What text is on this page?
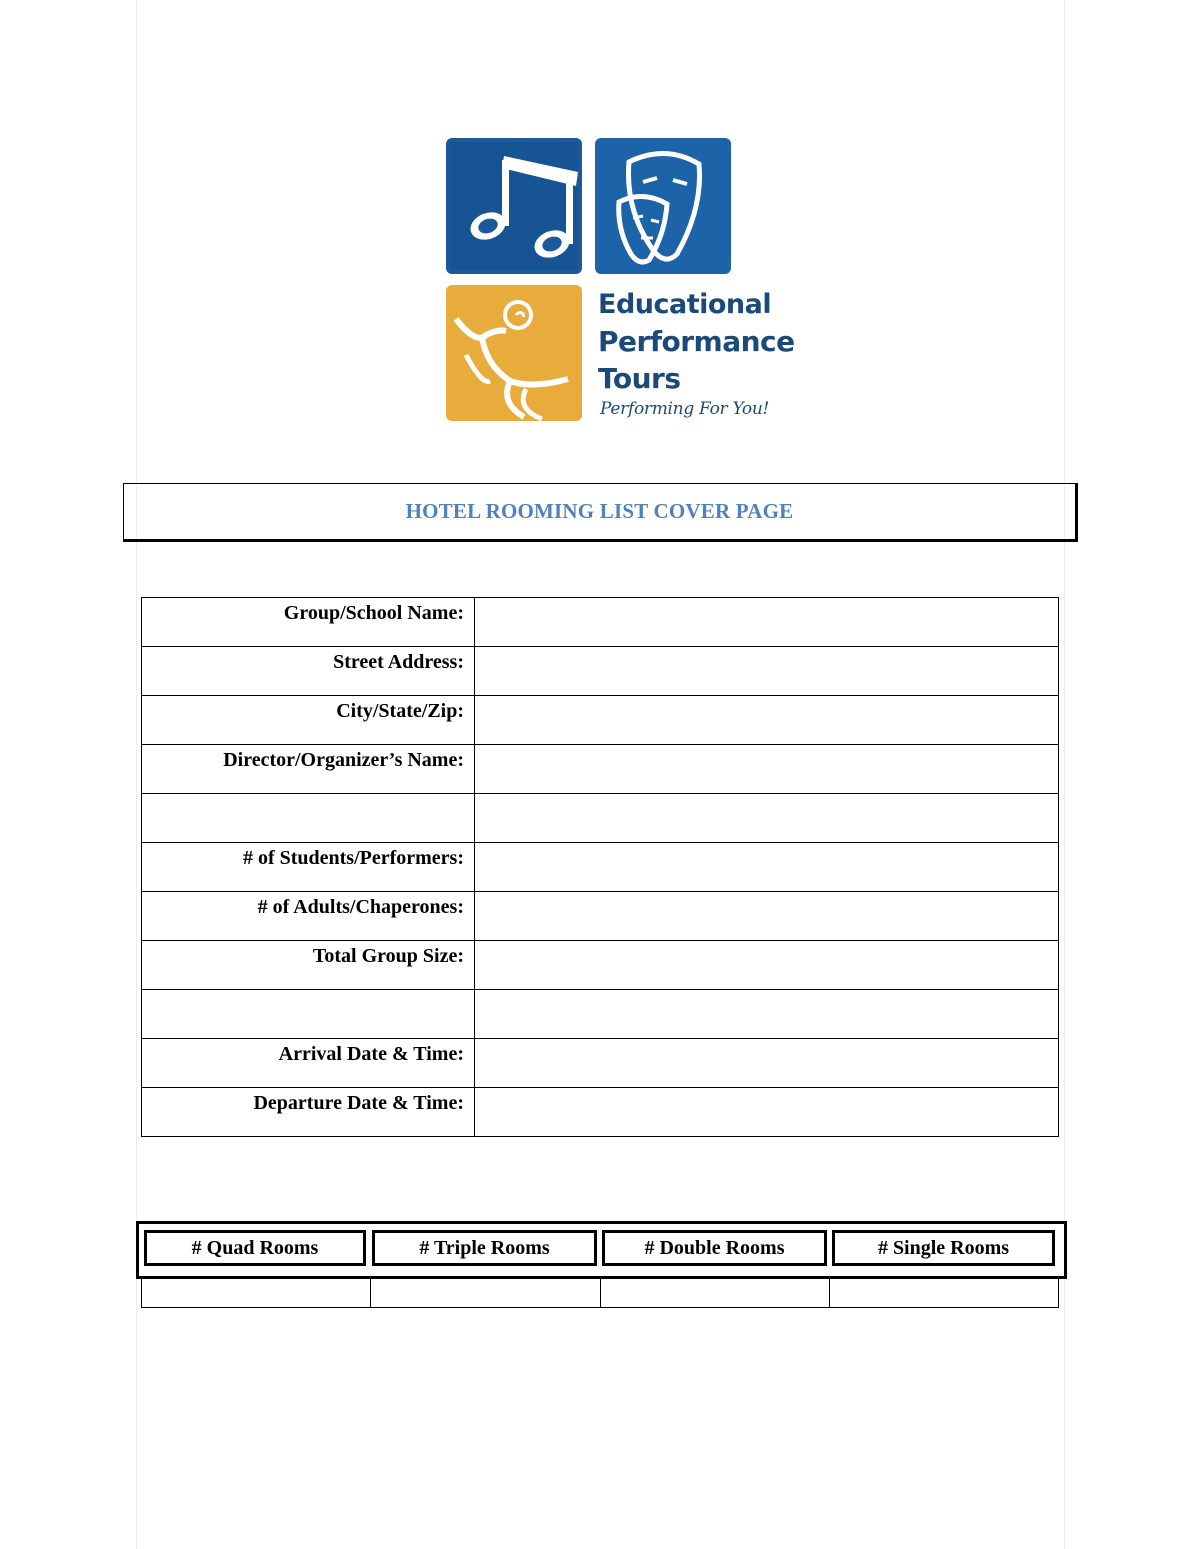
Educational
Performance
Tours
Performing For You!
HOTEL ROOMING LIST COVER PAGE
Group/School Name:	
Street Address:	
City/State/Zip:	
Director/Organizer’s Name:	

# of Students/Performers:	
# of Adults/Chaperones:	
Total Group Size:	

Arrival Date & Time:	
Departure Date & Time:	
# Quad Rooms	# Triple Rooms	# Double Rooms	# Single Rooms
